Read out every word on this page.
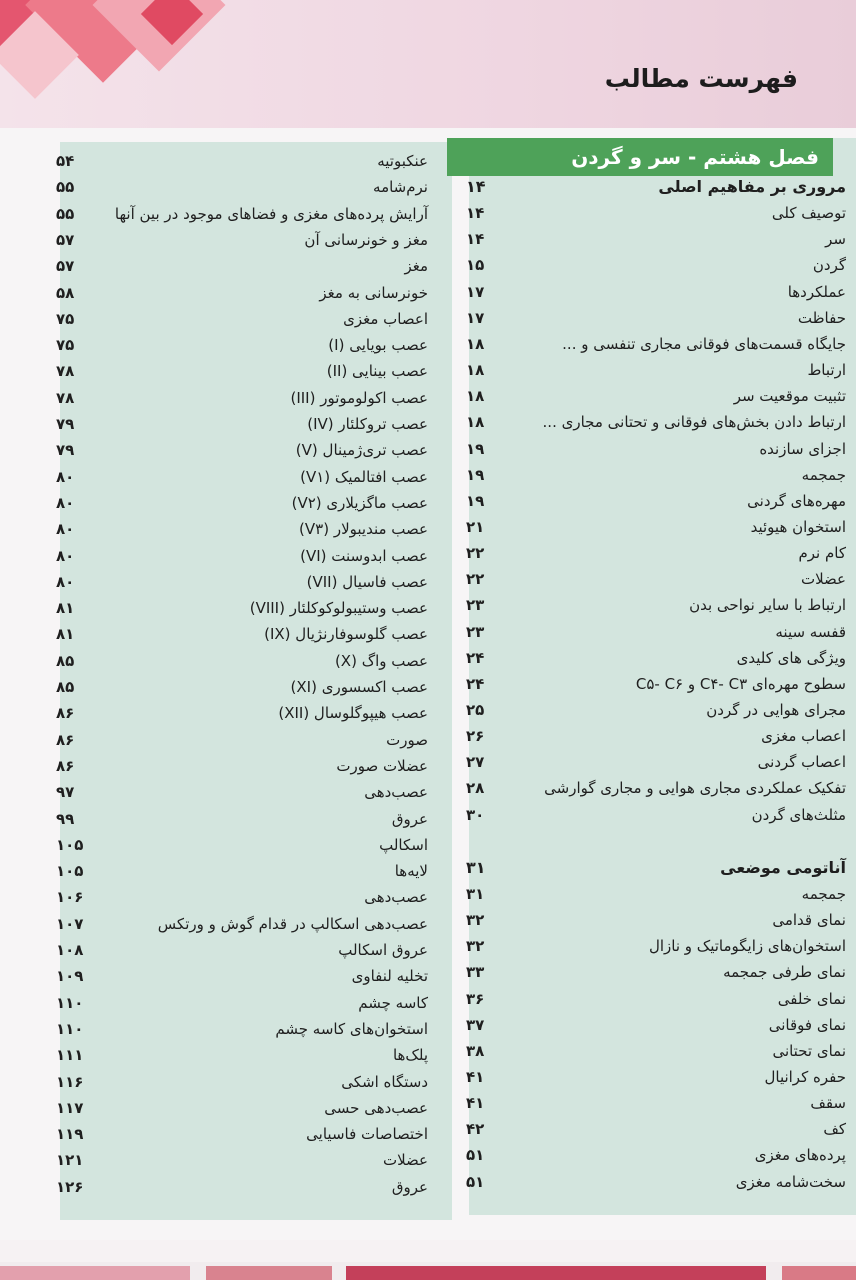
فهرست مطالب
فصل هشتم - سر و گردن
مروری بر مفاهیم اصلی
۱۴
توصیف کلی
۱۴
سر
۱۴
گردن
۱۵
عملکردها
۱۷
حفاظت
۱۷
جایگاه قسمت‌های فوقانی مجاری تنفسی و ...
۱۸
ارتباط
۱۸
تثبیت موقعیت سر
۱۸
ارتباط دادن بخش‌های فوقانی و تحتانی مجاری ...
۱۸
اجزای سازنده
۱۹
جمجمه
۱۹
مهره‌های گردنی
۱۹
استخوان هیوئید
۲۱
کام نرم
۲۲
عضلات
۲۲
ارتباط با سایر نواحی بدن
۲۳
قفسه سینه
۲۳
ویژگی های کلیدی
۲۴
سطوح مهره‌ای C۴- C۳ و C۵- C۶
۲۴
مجرای هوایی در گردن
۲۵
اعصاب مغزی
۲۶
اعصاب گردنی
۲۷
تفکیک عملکردی مجاری هوایی و مجاری گوارشی
۲۸
مثلث‌های گردن
۳۰
آناتومی موضعی
۳۱
جمجمه
۳۱
نمای قدامی
۳۲
استخوان‌های زایگوماتیک و نازال
۳۲
نمای طرفی جمجمه
۳۳
نمای خلفی
۳۶
نمای فوقانی
۳۷
نمای تحتانی
۳۸
حفره کرانیال
۴۱
سقف
۴۱
کف
۴۲
پرده‌های مغزی
۵۱
سخت‌شامه مغزی
۵۱
عنکبوتیه
۵۴
نرم‌شامه
۵۵
آرایش پرده‌های مغزی و فضاهای موجود در بین آنها
۵۵
مغز و خونرسانی آن
۵۷
مغز
۵۷
خونرسانی به مغز
۵۸
اعصاب مغزی
۷۵
عصب بویایی (I)
۷۵
عصب بینایی (II)
۷۸
عصب اکولوموتور (III)
۷۸
عصب تروکلئار (IV)
۷۹
عصب تری‌ژمینال (V)
۷۹
عصب افتالمیک (V۱)
۸۰
عصب ماگزیلاری (V۲)
۸۰
عصب مندیبولار (V۳)
۸۰
عصب ابدوسنت (VI)
۸۰
عصب فاسیال (VII)
۸۰
عصب وستیبولوکوکلئار (VIII)
۸۱
عصب گلوسوفارنژیال (IX)
۸۱
عصب واگ (X)
۸۵
عصب اکسسوری (XI)
۸۵
عصب هیپوگلوسال (XII)
۸۶
صورت
۸۶
عضلات صورت
۸۶
عصب‌دهی
۹۷
عروق
۹۹
اسکالپ
۱۰۵
لایه‌ها
۱۰۵
عصب‌دهی
۱۰۶
عصب‌دهی اسکالپ در قدام گوش و ورتکس
۱۰۷
عروق اسکالپ
۱۰۸
تخلیه لنفاوی
۱۰۹
کاسه چشم
۱۱۰
استخوان‌های کاسه چشم
۱۱۰
پلک‌ها
۱۱۱
دستگاه اشکی
۱۱۶
عصب‌دهی حسی
۱۱۷
اختصاصات فاسیایی
۱۱۹
عضلات
۱۲۱
عروق
۱۲۶
